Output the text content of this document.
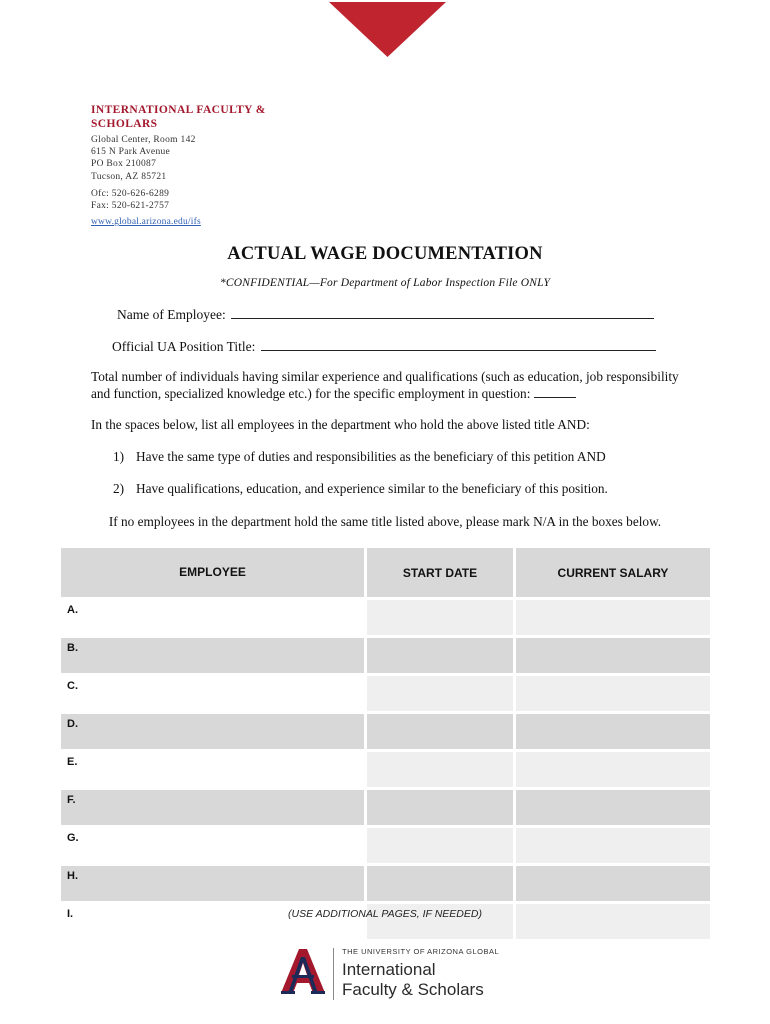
INTERNATIONAL FACULTY & SCHOLARS
Global Center, Room 142
615 N Park Avenue
PO Box 210087
Tucson, AZ 85721
Ofc: 520-626-6289
Fax: 520-621-2757
www.global.arizona.edu/ifs
ACTUAL WAGE DOCUMENTATION
*CONFIDENTIAL—For Department of Labor Inspection File ONLY
Name of Employee:
Official UA Position Title:
Total number of individuals having similar experience and qualifications (such as education, job responsibility and function, specialized knowledge etc.) for the specific employment in question:
In the spaces below, list all employees in the department who hold the above listed title AND:
1) Have the same type of duties and responsibilities as the beneficiary of this petition AND
2) Have qualifications, education, and experience similar to the beneficiary of this position.
If no employees in the department hold the same title listed above, please mark N/A in the boxes below.
EMPLOYEE	START DATE	CURRENT SALARY
A.		
B.		
C.		
D.		
E.		
F.		
G.		
H.		
I.			(USE ADDITIONAL PAGES, IF NEEDED)
THE UNIVERSITY OF ARIZONA GLOBAL
International
Faculty & Scholars
